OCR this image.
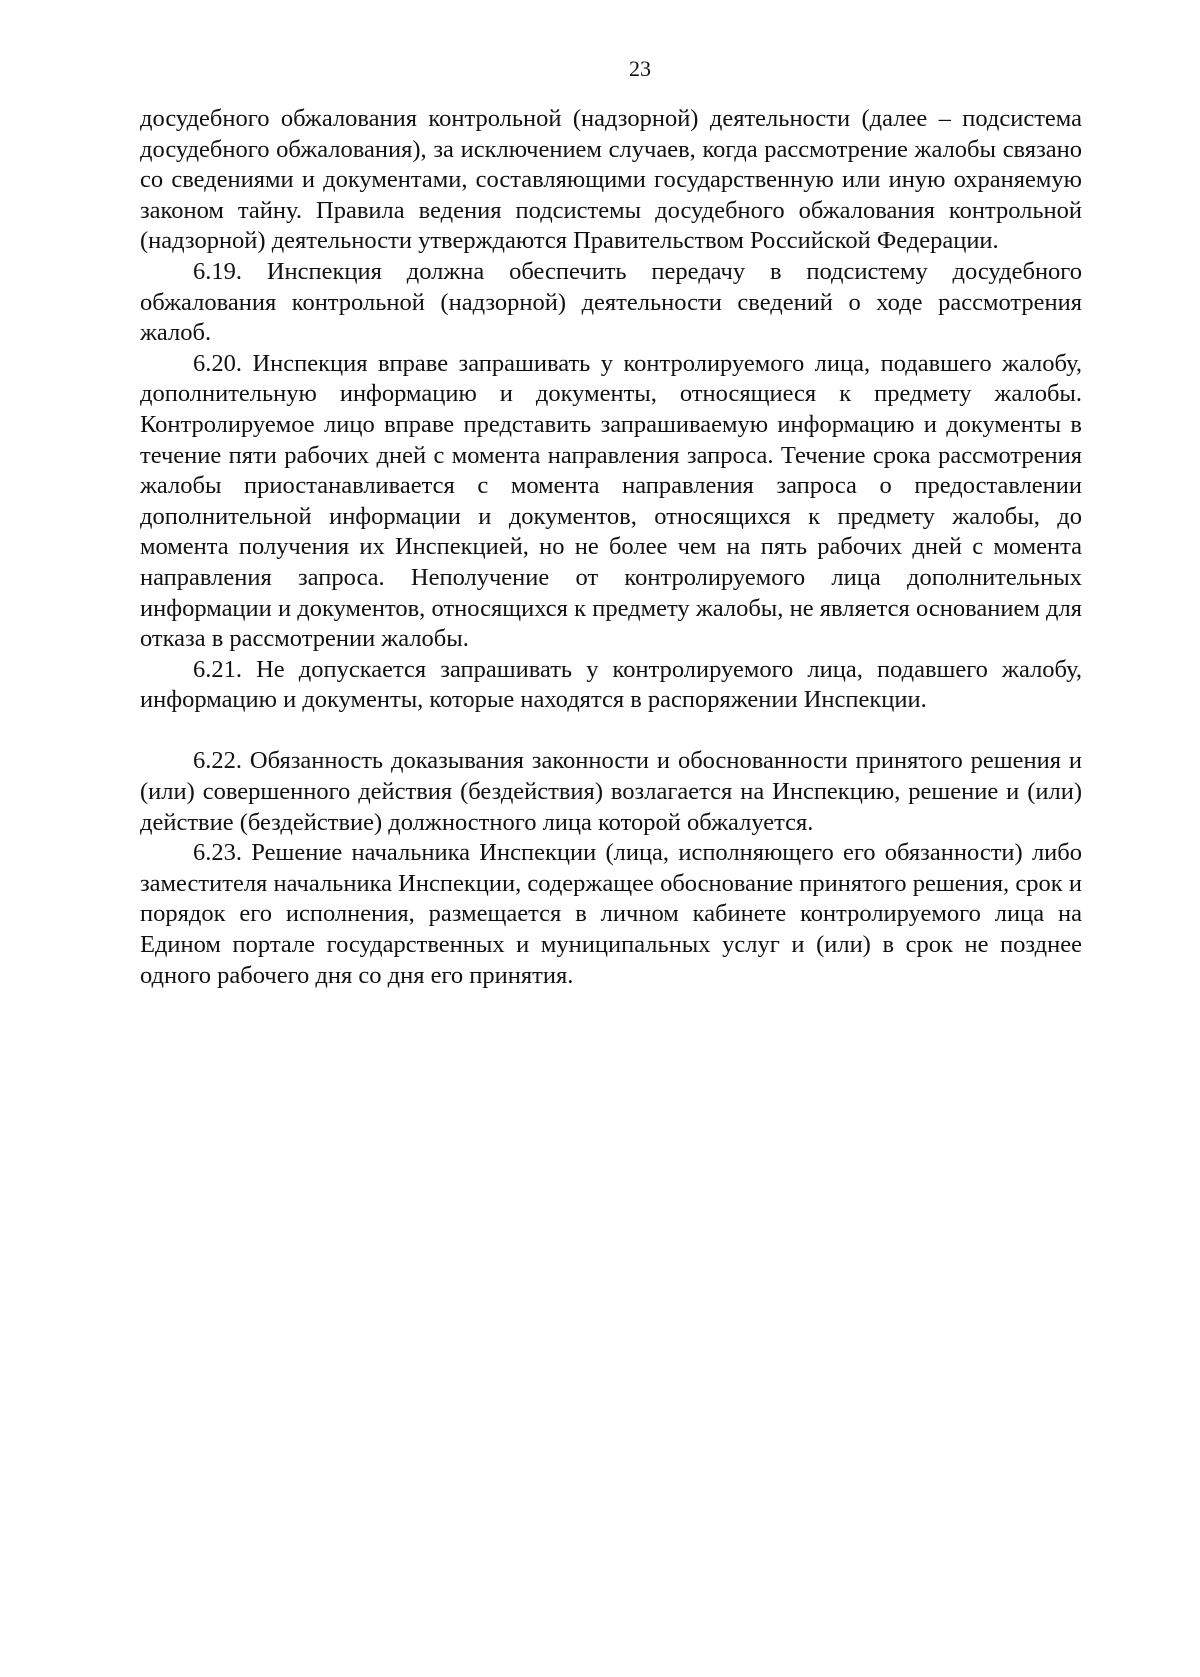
23

досудебного обжалования контрольной (надзорной) деятельности (далее – подсистема досудебного обжалования), за исключением случаев, когда рассмотрение жалобы связано со сведениями и документами, составляющими государственную или иную охраняемую законом тайну. Правила ведения подсистемы досудебного обжалования контрольной (надзорной) деятельности утверждаются Правительством Российской Федерации.

6.19. Инспекция должна обеспечить передачу в подсистему досудебного обжалования контрольной (надзорной) деятельности сведений о ходе рассмотрения жалоб.

6.20. Инспекция вправе запрашивать у контролируемого лица, подавшего жалобу, дополнительную информацию и документы, относящиеся к предмету жалобы. Контролируемое лицо вправе представить запрашиваемую информацию и документы в течение пяти рабочих дней с момента направления запроса. Течение срока рассмотрения жалобы приостанавливается с момента направления запроса о предоставлении дополнительной информации и документов, относящихся к предмету жалобы, до момента получения их Инспекцией, но не более чем на пять рабочих дней с момента направления запроса. Неполучение от контролируемого лица дополнительных информации и документов, относящихся к предмету жалобы, не является основанием для отказа в рассмотрении жалобы.

6.21. Не допускается запрашивать у контролируемого лица, подавшего жалобу, информацию и документы, которые находятся в распоряжении Инспекции.

6.22. Обязанность доказывания законности и обоснованности принятого решения и (или) совершенного действия (бездействия) возлагается на Инспекцию, решение и (или) действие (бездействие) должностного лица которой обжалуется.

6.23. Решение начальника Инспекции (лица, исполняющего его обязанности) либо заместителя начальника Инспекции, содержащее обоснование принятого решения, срок и порядок его исполнения, размещается в личном кабинете контролируемого лица на Едином портале государственных и муниципальных услуг и (или) в срок не позднее одного рабочего дня со дня его принятия.
